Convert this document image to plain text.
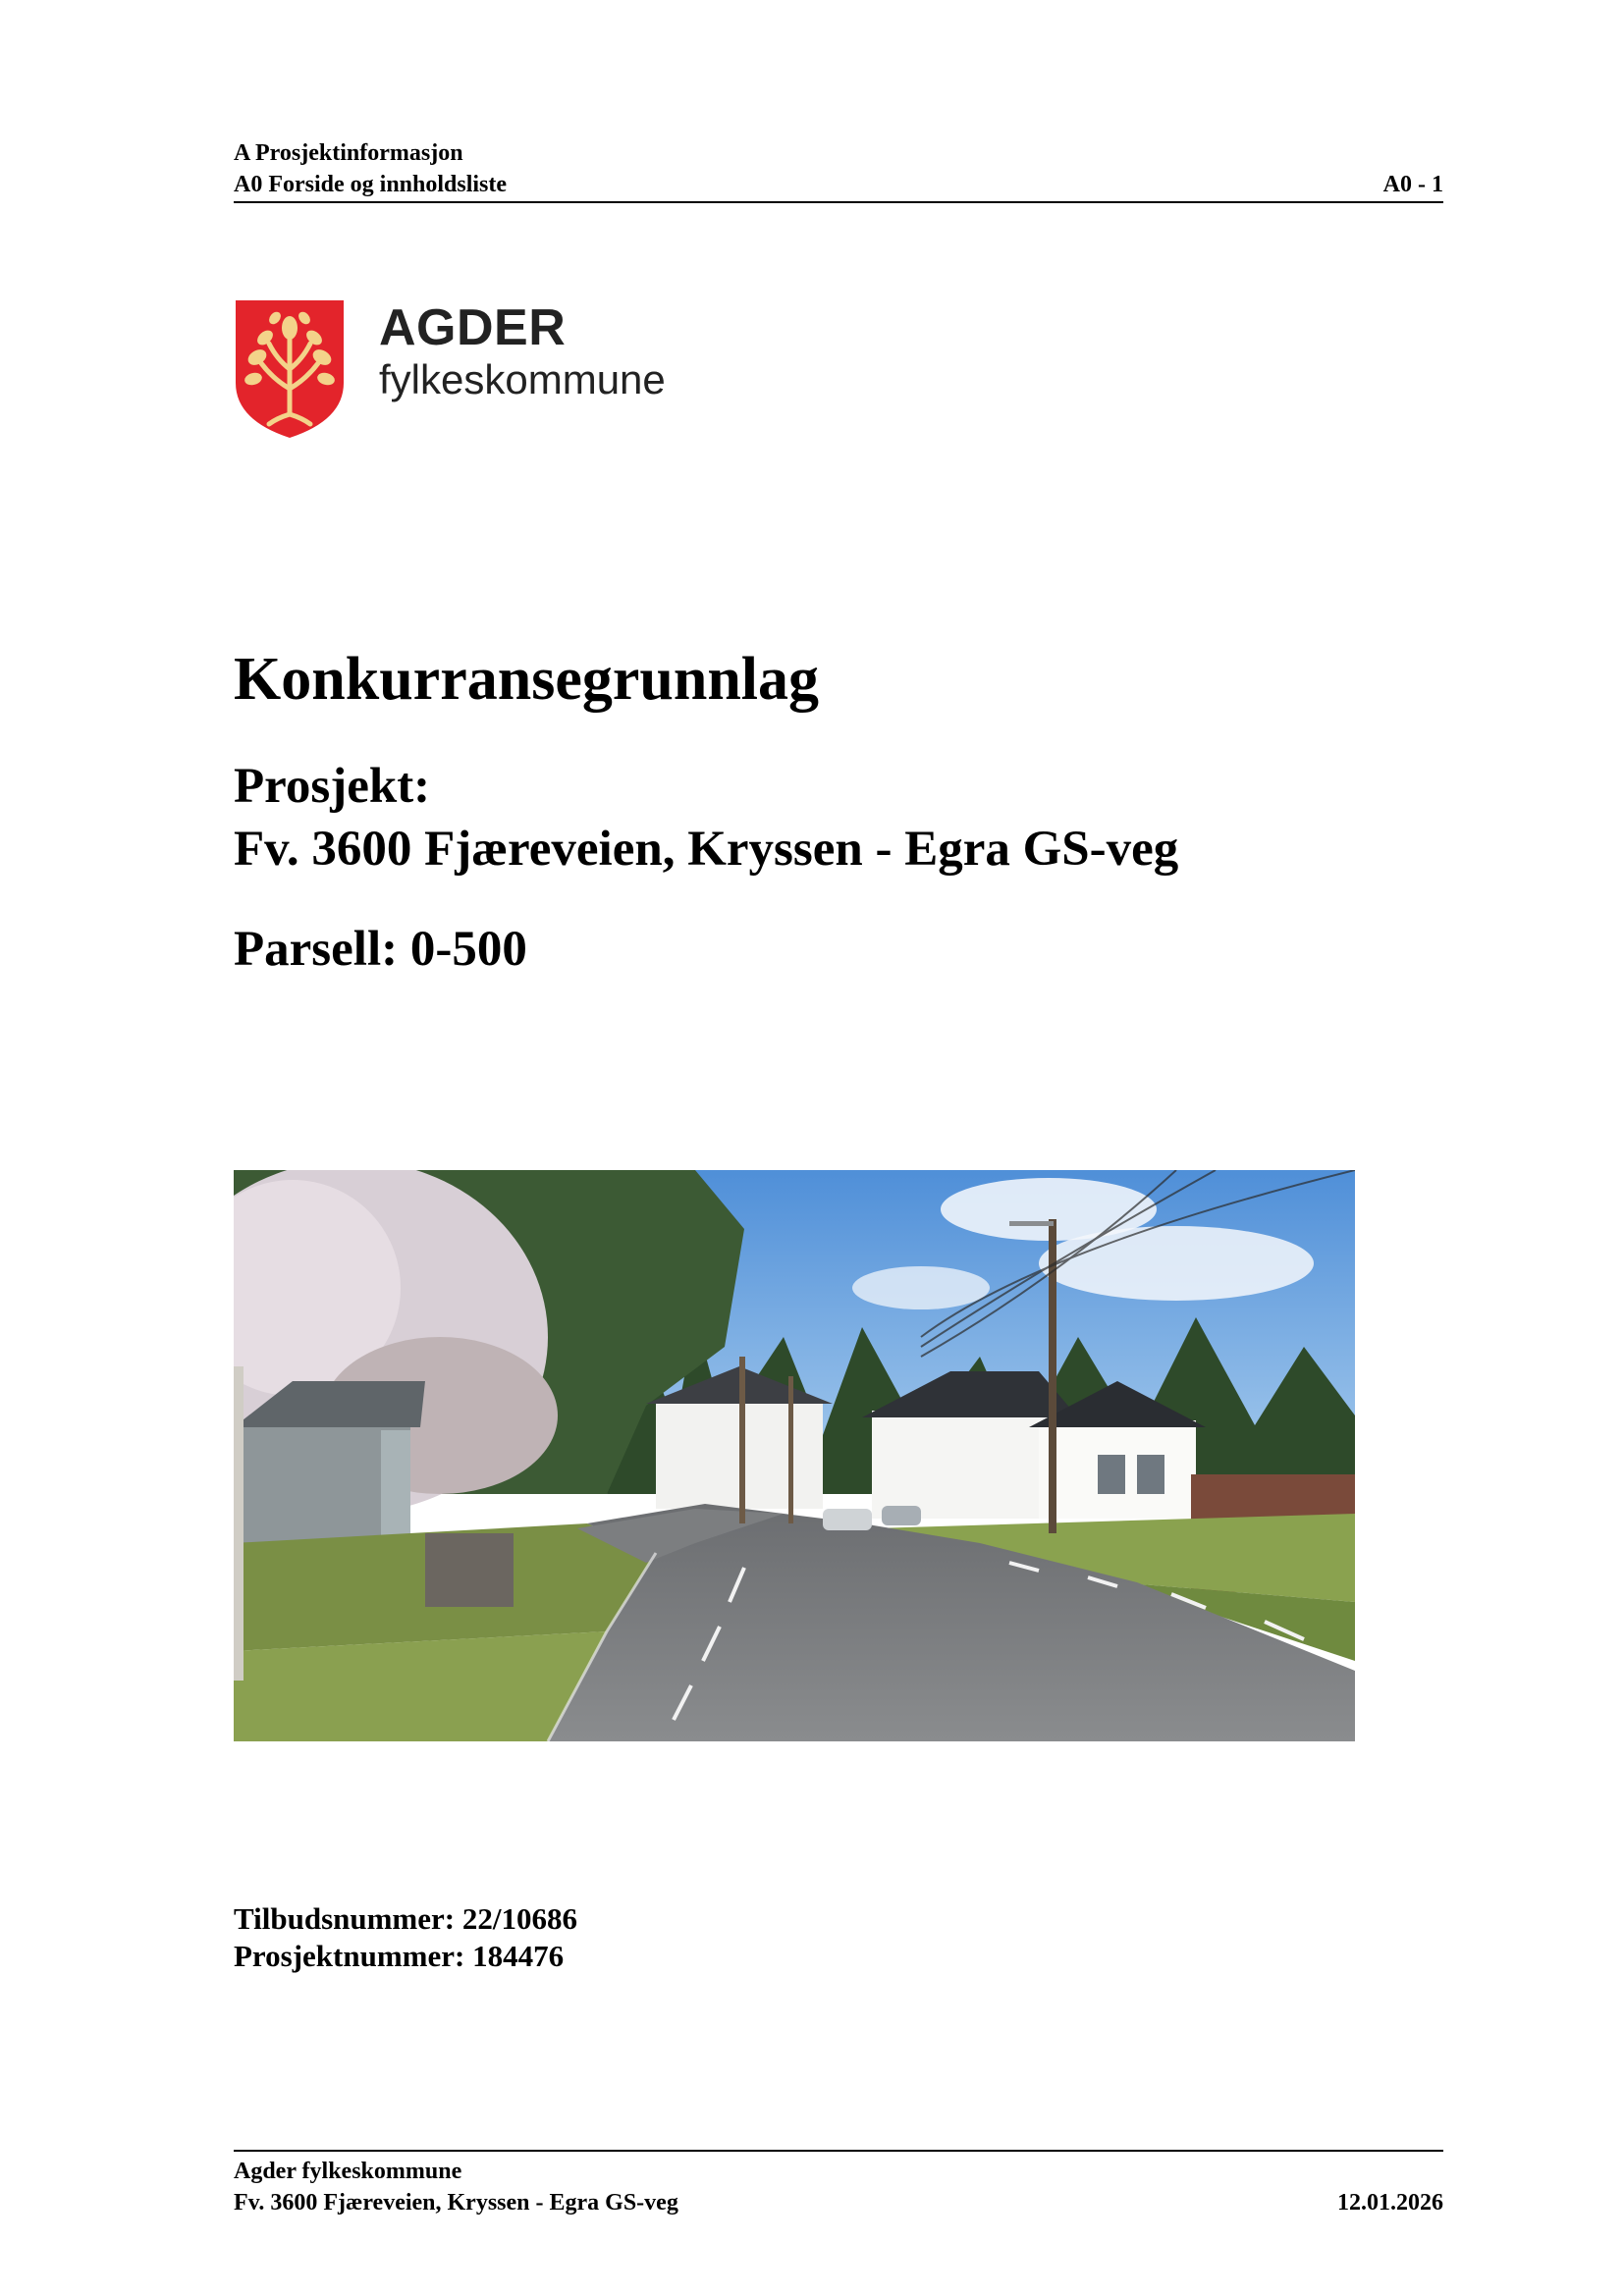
A Prosjektinformasjon
A0 Forside og innholdsliste	A0 - 1
AGDER
fylkeskommune
Konkurransegrunnlag
Prosjekt:
Fv. 3600 Fjæreveien, Kryssen - Egra GS-veg
Parsell: 0-500
Tilbudsnummer: 22/10686
Prosjektnummer: 184476
Agder fylkeskommune
Fv. 3600 Fjæreveien, Kryssen - Egra GS-veg	12.01.2026
